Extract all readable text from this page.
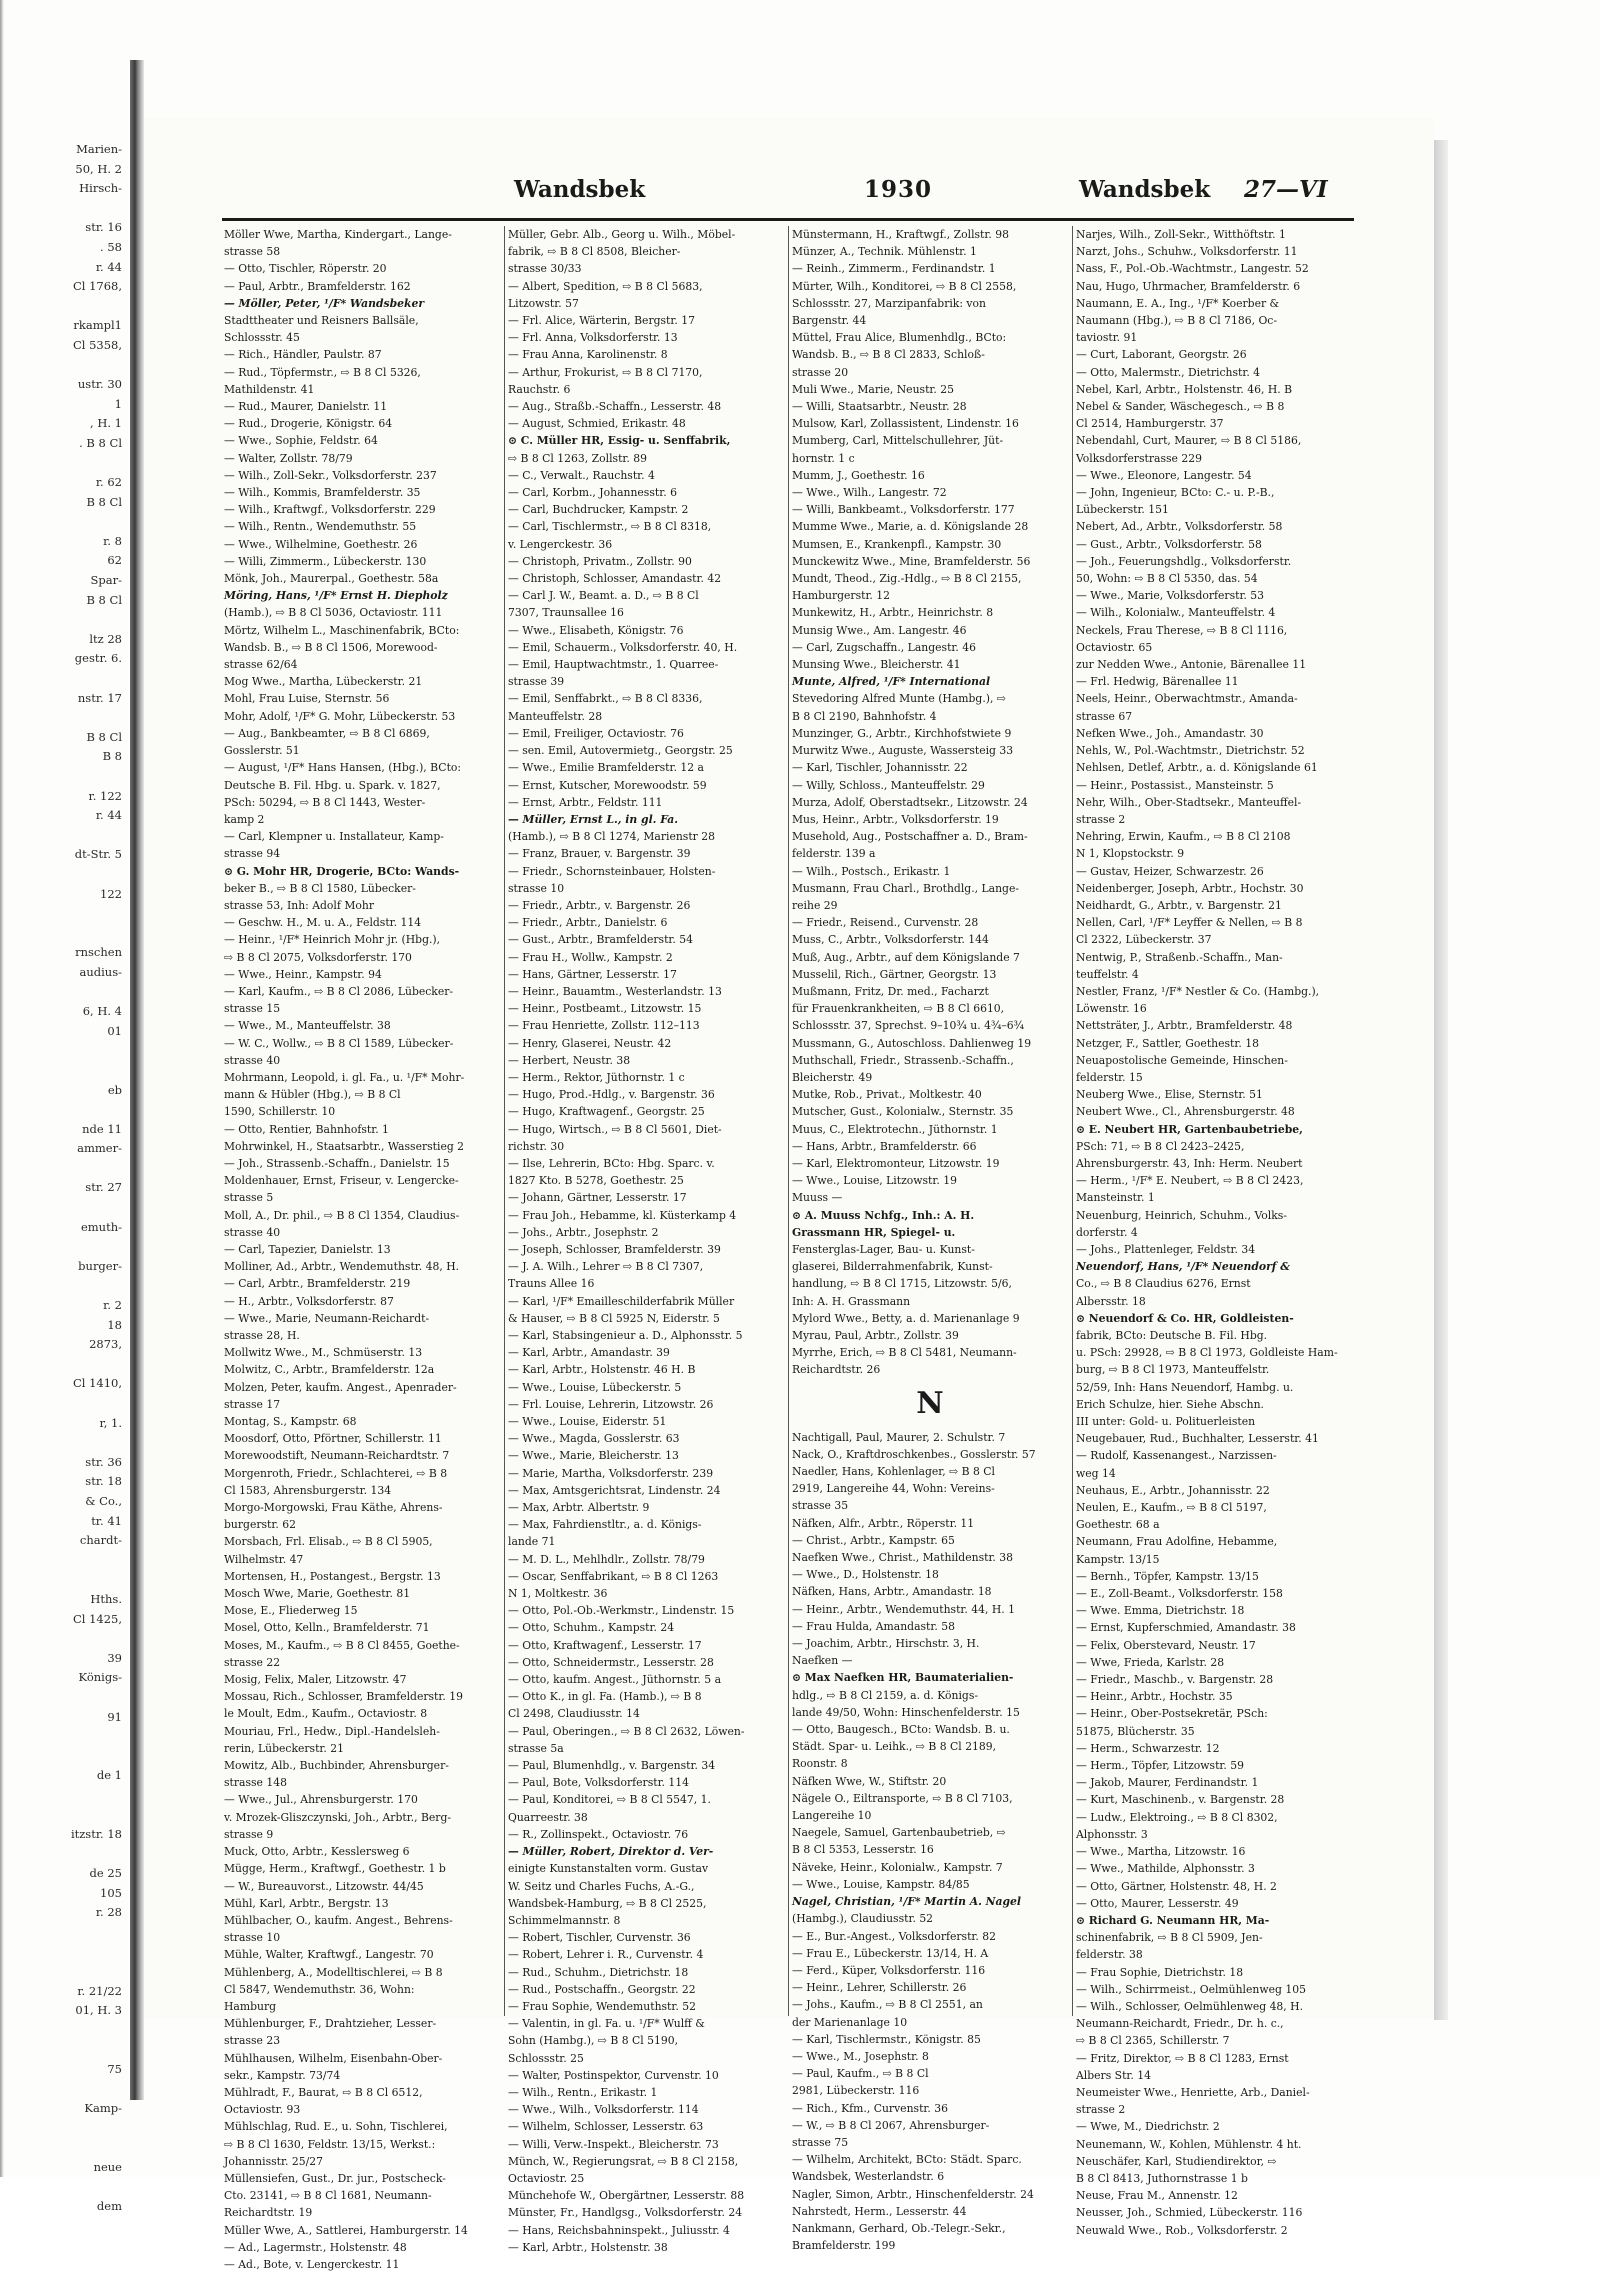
Marien-
50, H. 2
Hirsch-

str. 16
. 58
r. 44
Cl 1768,

rkampl1
Cl 5358,

ustr. 30
1
, H. 1
. B 8 Cl

r. 62
B 8 Cl

r. 8
62
Spar-
B 8 Cl

ltz 28
gestr. 6.

nstr. 17

B 8 Cl
B 8

r. 122
r. 44

dt-Str. 5

122

rnschen
audius-

6, H. 4
01

eb

nde 11
ammer-

str. 27

emuth-

burger-

r. 2
18
2873,

Cl 1410,

r, 1.

str. 36
str. 18
& Co.,
tr. 41
chardt-

Hths.
Cl 1425,

39
Königs-

91

de 1

itzstr. 18

de 25
105
r. 28

r. 21/22
01, H. 3

75

Kamp-

neue

dem
Wandsbek	1930	Wandsbek 27—VI
Möller Wwe, Martha, Kindergart., Lange-
strasse 58
— Otto, Tischler, Röperstr. 20
— Paul, Arbtr., Bramfelderstr. 162
— Möller, Peter, ¹/F* Wandsbeker
Stadttheater und Reisners Ballsäle,
Schlossstr. 45
— Rich., Händler, Paulstr. 87
— Rud., Töpfermstr., ⇨ B 8 Cl 5326,
Mathildenstr. 41
— Rud., Maurer, Danielstr. 11
— Rud., Drogerie, Königstr. 64
— Wwe., Sophie, Feldstr. 64
— Walter, Zollstr. 78/79
— Wilh., Zoll-Sekr., Volksdorferstr. 237
— Wilh., Kommis, Bramfelderstr. 35
— Wilh., Kraftwgf., Volksdorferstr. 229
— Wilh., Rentn., Wendemuthstr. 55
— Wwe., Wilhelmine, Goethestr. 26
— Willi, Zimmerm., Lübeckerstr. 130
Mönk, Joh., Maurerpal., Goethestr. 58a
Möring, Hans, ¹/F* Ernst H. Diepholz
(Hamb.), ⇨ B 8 Cl 5036, Octaviostr. 111
Mörtz, Wilhelm L., Maschinenfabrik, BCto:
Wandsb. B., ⇨ B 8 Cl 1506, Morewood-
strasse 62/64
Mog Wwe., Martha, Lübeckerstr. 21
Mohl, Frau Luise, Sternstr. 56
Mohr, Adolf, ¹/F* G. Mohr, Lübeckerstr. 53
— Aug., Bankbeamter, ⇨ B 8 Cl 6869,
Gosslerstr. 51
— August, ¹/F* Hans Hansen, (Hbg.), BCto:
Deutsche B. Fil. Hbg. u. Spark. v. 1827,
PSch: 50294, ⇨ B 8 Cl 1443, Wester-
kamp 2
— Carl, Klempner u. Installateur, Kamp-
strasse 94
⊙ G. Mohr HR, Drogerie, BCto: Wands-
beker B., ⇨ B 8 Cl 1580, Lübecker-
strasse 53, Inh: Adolf Mohr
— Geschw. H., M. u. A., Feldstr. 114
— Heinr., ¹/F* Heinrich Mohr jr. (Hbg.),
⇨ B 8 Cl 2075, Volksdorferstr. 170
— Wwe., Heinr., Kampstr. 94
— Karl, Kaufm., ⇨ B 8 Cl 2086, Lübecker-
strasse 15
— Wwe., M., Manteuffelstr. 38
— W. C., Wollw., ⇨ B 8 Cl 1589, Lübecker-
strasse 40
Mohrmann, Leopold, i. gl. Fa., u. ¹/F* Mohr-
mann & Hübler (Hbg.), ⇨ B 8 Cl
1590, Schillerstr. 10
— Otto, Rentier, Bahnhofstr. 1
Mohrwinkel, H., Staatsarbtr., Wasserstieg 2
— Joh., Strassenb.-Schaffn., Danielstr. 15
Moldenhauer, Ernst, Friseur, v. Lengercke-
strasse 5
Moll, A., Dr. phil., ⇨ B 8 Cl 1354, Claudius-
strasse 40
— Carl, Tapezier, Danielstr. 13
Molliner, Ad., Arbtr., Wendemuthstr. 48, H.
— Carl, Arbtr., Bramfelderstr. 219
— H., Arbtr., Volksdorferstr. 87
— Wwe., Marie, Neumann-Reichardt-
strasse 28, H.
Mollwitz Wwe., M., Schmüserstr. 13
Molwitz, C., Arbtr., Bramfelderstr. 12a
Molzen, Peter, kaufm. Angest., Apenrader-
strasse 17
Montag, S., Kampstr. 68
Moosdorf, Otto, Pförtner, Schillerstr. 11
Morewoodstift, Neumann-Reichardtstr. 7
Morgenroth, Friedr., Schlachterei, ⇨ B 8
Cl 1583, Ahrensburgerstr. 134
Morgo-Morgowski, Frau Käthe, Ahrens-
burgerstr. 62
Morsbach, Frl. Elisab., ⇨ B 8 Cl 5905,
Wilhelmstr. 47
Mortensen, H., Postangest., Bergstr. 13
Mosch Wwe, Marie, Goethestr. 81
Mose, E., Fliederweg 15
Mosel, Otto, Kelln., Bramfelderstr. 71
Moses, M., Kaufm., ⇨ B 8 Cl 8455, Goethe-
strasse 22
Mosig, Felix, Maler, Litzowstr. 47
Mossau, Rich., Schlosser, Bramfelderstr. 19
le Moult, Edm., Kaufm., Octaviostr. 8
Mouriau, Frl., Hedw., Dipl.-Handelsleh-
rerin, Lübeckerstr. 21
Mowitz, Alb., Buchbinder, Ahrensburger-
strasse 148
— Wwe., Jul., Ahrensburgerstr. 170
v. Mrozek-Gliszczynski, Joh., Arbtr., Berg-
strasse 9
Muck, Otto, Arbtr., Kesslersweg 6
Mügge, Herm., Kraftwgf., Goethestr. 1 b
— W., Bureauvorst., Litzowstr. 44/45
Mühl, Karl, Arbtr., Bergstr. 13
Mühlbacher, O., kaufm. Angest., Behrens-
strasse 10
Mühle, Walter, Kraftwgf., Langestr. 70
Mühlenberg, A., Modelltischlerei, ⇨ B 8
Cl 5847, Wendemuthstr. 36, Wohn:
Hamburg
Mühlenburger, F., Drahtzieher, Lesser-
strasse 23
Mühlhausen, Wilhelm, Eisenbahn-Ober-
sekr., Kampstr. 73/74
Mühlradt, F., Baurat, ⇨ B 8 Cl 6512,
Octaviostr. 93
Mühlschlag, Rud. E., u. Sohn, Tischlerei,
⇨ B 8 Cl 1630, Feldstr. 13/15, Werkst.:
Johannisstr. 25/27
Müllensiefen, Gust., Dr. jur., Postscheck-
Cto. 23141, ⇨ B 8 Cl 1681, Neumann-
Reichardtstr. 19
Müller Wwe, A., Sattlerei, Hamburgerstr. 14
— Ad., Lagermstr., Holstenstr. 48
— Ad., Bote, v. Lengerckestr. 11
Müller, Gebr. Alb., Georg u. Wilh., Möbel-
fabrik, ⇨ B 8 Cl 8508, Bleicher-
strasse 30/33
— Albert, Spedition, ⇨ B 8 Cl 5683,
Litzowstr. 57
— Frl. Alice, Wärterin, Bergstr. 17
— Frl. Anna, Volksdorferstr. 13
— Frau Anna, Karolinenstr. 8
— Arthur, Frokurist, ⇨ B 8 Cl 7170,
Rauchstr. 6
— Aug., Straßb.-Schaffn., Lesserstr. 48
— August, Schmied, Erikastr. 48
⊙ C. Müller HR, Essig- u. Senffabrik,
⇨ B 8 Cl 1263, Zollstr. 89
— C., Verwalt., Rauchstr. 4
— Carl, Korbm., Johannesstr. 6
— Carl, Buchdrucker, Kampstr. 2
— Carl, Tischlermstr., ⇨ B 8 Cl 8318,
v. Lengerckestr. 36
— Christoph, Privatm., Zollstr. 90
— Christoph, Schlosser, Amandastr. 42
— Carl J. W., Beamt. a. D., ⇨ B 8 Cl
7307, Traunsallee 16
— Wwe., Elisabeth, Königstr. 76
— Emil, Schauerm., Volksdorferstr. 40, H.
— Emil, Hauptwachtmstr., 1. Quarree-
strasse 39
— Emil, Senffabrkt., ⇨ B 8 Cl 8336,
Manteuffelstr. 28
— Emil, Freiliger, Octaviostr. 76
— sen. Emil, Autovermietg., Georgstr. 25
— Wwe., Emilie Bramfelderstr. 12 a
— Ernst, Kutscher, Morewoodstr. 59
— Ernst, Arbtr., Feldstr. 111
— Müller, Ernst L., in gl. Fa.
(Hamb.), ⇨ B 8 Cl 1274, Marienstr 28
— Franz, Brauer, v. Bargenstr. 39
— Friedr., Schornsteinbauer, Holsten-
strasse 10
— Friedr., Arbtr., v. Bargenstr. 26
— Friedr., Arbtr., Danielstr. 6
— Gust., Arbtr., Bramfelderstr. 54
— Frau H., Wollw., Kampstr. 2
— Hans, Gärtner, Lesserstr. 17
— Heinr., Bauamtm., Westerlandstr. 13
— Heinr., Postbeamt., Litzowstr. 15
— Frau Henriette, Zollstr. 112–113
— Henry, Glaserei, Neustr. 42
— Herbert, Neustr. 38
— Herm., Rektor, Jüthornstr. 1 c
— Hugo, Prod.-Hdlg., v. Bargenstr. 36
— Hugo, Kraftwagenf., Georgstr. 25
— Hugo, Wirtsch., ⇨ B 8 Cl 5601, Diet-
richstr. 30
— Ilse, Lehrerin, BCto: Hbg. Sparc. v.
1827 Kto. B 5278, Goethestr. 25
— Johann, Gärtner, Lesserstr. 17
— Frau Joh., Hebamme, kl. Küsterkamp 4
— Johs., Arbtr., Josephstr. 2
— Joseph, Schlosser, Bramfelderstr. 39
— J. A. Wilh., Lehrer ⇨ B 8 Cl 7307,
Trauns Allee 16
— Karl, ¹/F* Emailleschilderfabrik Müller
& Hauser, ⇨ B 8 Cl 5925 N, Eiderstr. 5
— Karl, Stabsingenieur a. D., Alphonsstr. 5
— Karl, Arbtr., Amandastr. 39
— Karl, Arbtr., Holstenstr. 46 H. B
— Wwe., Louise, Lübeckerstr. 5
— Frl. Louise, Lehrerin, Litzowstr. 26
— Wwe., Louise, Eiderstr. 51
— Wwe., Magda, Gosslerstr. 63
— Wwe., Marie, Bleicherstr. 13
— Marie, Martha, Volksdorferstr. 239
— Max, Amtsgerichtsrat, Lindenstr. 24
— Max, Arbtr. Albertstr. 9
— Max, Fahrdienstltr., a. d. Königs-
lande 71
— M. D. L., Mehlhdlr., Zollstr. 78/79
— Oscar, Senffabrikant, ⇨ B 8 Cl 1263
N 1, Moltkestr. 36
— Otto, Pol.-Ob.-Werkmstr., Lindenstr. 15
— Otto, Schuhm., Kampstr. 24
— Otto, Kraftwagenf., Lesserstr. 17
— Otto, Schneidermstr., Lesserstr. 28
— Otto, kaufm. Angest., Jüthornstr. 5 a
— Otto K., in gl. Fa. (Hamb.), ⇨ B 8
Cl 2498, Claudiusstr. 14
— Paul, Oberingen., ⇨ B 8 Cl 2632, Löwen-
strasse 5a
— Paul, Blumenhdlg., v. Bargenstr. 34
— Paul, Bote, Volksdorferstr. 114
— Paul, Konditorei, ⇨ B 8 Cl 5547, 1.
Quarreestr. 38
— R., Zollinspekt., Octaviostr. 76
— Müller, Robert, Direktor d. Ver-
einigte Kunstanstalten vorm. Gustav
W. Seitz und Charles Fuchs, A.-G.,
Wandsbek-Hamburg, ⇨ B 8 Cl 2525,
Schimmelmannstr. 8
— Robert, Tischler, Curvenstr. 36
— Robert, Lehrer i. R., Curvenstr. 4
— Rud., Schuhm., Dietrichstr. 18
— Rud., Postschaffn., Georgstr. 22
— Frau Sophie, Wendemuthstr. 52
— Valentin, in gl. Fa. u. ¹/F* Wulff &
Sohn (Hambg.), ⇨ B 8 Cl 5190,
Schlossstr. 25
— Walter, Postinspektor, Curvenstr. 10
— Wilh., Rentn., Erikastr. 1
— Wwe., Wilh., Volksdorferstr. 114
— Wilhelm, Schlosser, Lesserstr. 63
— Willi, Verw.-Inspekt., Bleicherstr. 73
Münch, W., Regierungsrat, ⇨ B 8 Cl 2158,
Octaviostr. 25
Münchehofe W., Obergärtner, Lesserstr. 88
Münster, Fr., Handlgsg., Volksdorferstr. 24
— Hans, Reichsbahninspekt., Juliusstr. 4
— Karl, Arbtr., Holstenstr. 38
Münstermann, H., Kraftwgf., Zollstr. 98
Münzer, A., Technik. Mühlenstr. 1
— Reinh., Zimmerm., Ferdinandstr. 1
Mürter, Wilh., Konditorei, ⇨ B 8 Cl 2558,
Schlossstr. 27, Marzipanfabrik: von
Bargenstr. 44
Müttel, Frau Alice, Blumenhdlg., BCto:
Wandsb. B., ⇨ B 8 Cl 2833, Schloß-
strasse 20
Muli Wwe., Marie, Neustr. 25
— Willi, Staatsarbtr., Neustr. 28
Mulsow, Karl, Zollassistent, Lindenstr. 16
Mumberg, Carl, Mittelschullehrer, Jüt-
hornstr. 1 c
Mumm, J., Goethestr. 16
— Wwe., Wilh., Langestr. 72
— Willi, Bankbeamt., Volksdorferstr. 177
Mumme Wwe., Marie, a. d. Königslande 28
Mumsen, E., Krankenpfl., Kampstr. 30
Munckewitz Wwe., Mine, Bramfelderstr. 56
Mundt, Theod., Zig.-Hdlg., ⇨ B 8 Cl 2155,
Hamburgerstr. 12
Munkewitz, H., Arbtr., Heinrichstr. 8
Munsig Wwe., Am. Langestr. 46
— Carl, Zugschaffn., Langestr. 46
Munsing Wwe., Bleicherstr. 41
Munte, Alfred, ¹/F* International
Stevedoring Alfred Munte (Hambg.), ⇨
B 8 Cl 2190, Bahnhofstr. 4
Munzinger, G., Arbtr., Kirchhofstwiete 9
Murwitz Wwe., Auguste, Wassersteig 33
— Karl, Tischler, Johannisstr. 22
— Willy, Schloss., Manteuffelstr. 29
Murza, Adolf, Oberstadtsekr., Litzowstr. 24
Mus, Heinr., Arbtr., Volksdorferstr. 19
Musehold, Aug., Postschaffner a. D., Bram-
felderstr. 139 a
— Wilh., Postsch., Erikastr. 1
Musmann, Frau Charl., Brothdlg., Lange-
reihe 29
— Friedr., Reisend., Curvenstr. 28
Muss, C., Arbtr., Volksdorferstr. 144
Muß, Aug., Arbtr., auf dem Königslande 7
Musselil, Rich., Gärtner, Georgstr. 13
Mußmann, Fritz, Dr. med., Facharzt
für Frauenkrankheiten, ⇨ B 8 Cl 6610,
Schlossstr. 37, Sprechst. 9–10¾ u. 4¾–6¾
Mussmann, G., Autoschloss. Dahlienweg 19
Muthschall, Friedr., Strassenb.-Schaffn.,
Bleicherstr. 49
Mutke, Rob., Privat., Moltkestr. 40
Mutscher, Gust., Kolonialw., Sternstr. 35
Muus, C., Elektrotechn., Jüthornstr. 1
— Hans, Arbtr., Bramfelderstr. 66
— Karl, Elektromonteur, Litzowstr. 19
— Wwe., Louise, Litzowstr. 19
Muuss —
⊙ A. Muuss Nchfg., Inh.: A. H.
Grassmann HR, Spiegel- u.
Fensterglas-Lager, Bau- u. Kunst-
glaserei, Bilderrahmenfabrik, Kunst-
handlung, ⇨ B 8 Cl 1715, Litzowstr. 5/6,
Inh: A. H. Grassmann
Mylord Wwe., Betty, a. d. Marienanlage 9
Myrau, Paul, Arbtr., Zollstr. 39
Myrrhe, Erich, ⇨ B 8 Cl 5481, Neumann-
Reichardtstr. 26
N
Nachtigall, Paul, Maurer, 2. Schulstr. 7
Nack, O., Kraftdroschkenbes., Gosslerstr. 57
Naedler, Hans, Kohlenlager, ⇨ B 8 Cl
2919, Langereihe 44, Wohn: Vereins-
strasse 35
Näfken, Alfr., Arbtr., Röperstr. 11
— Christ., Arbtr., Kampstr. 65
Naefken Wwe., Christ., Mathildenstr. 38
— Wwe., D., Holstenstr. 18
Näfken, Hans, Arbtr., Amandastr. 18
— Heinr., Arbtr., Wendemuthstr. 44, H. 1
— Frau Hulda, Amandastr. 58
— Joachim, Arbtr., Hirschstr. 3, H.
Naefken —
⊙ Max Naefken HR, Baumaterialien-
hdlg., ⇨ B 8 Cl 2159, a. d. Königs-
lande 49/50, Wohn: Hinschenfelderstr. 15
— Otto, Baugesch., BCto: Wandsb. B. u.
Städt. Spar- u. Leihk., ⇨ B 8 Cl 2189,
Roonstr. 8
Näfken Wwe, W., Stiftstr. 20
Nägele O., Eiltransporte, ⇨ B 8 Cl 7103,
Langereihe 10
Naegele, Samuel, Gartenbaubetrieb, ⇨
B 8 Cl 5353, Lesserstr. 16
Näveke, Heinr., Kolonialw., Kampstr. 7
— Wwe., Louise, Kampstr. 84/85
Nagel, Christian, ¹/F* Martin A. Nagel
(Hambg.), Claudiusstr. 52
— E., Bur.-Angest., Volksdorferstr. 82
— Frau E., Lübeckerstr. 13/14, H. A
— Ferd., Küper, Volksdorferstr. 116
— Heinr., Lehrer, Schillerstr. 26
— Johs., Kaufm., ⇨ B 8 Cl 2551, an
der Marienanlage 10
— Karl, Tischlermstr., Königstr. 85
— Wwe., M., Josephstr. 8
— Paul, Kaufm., ⇨ B 8 Cl
2981, Lübeckerstr. 116
— Rich., Kfm., Curvenstr. 36
— W., ⇨ B 8 Cl 2067, Ahrensburger-
strasse 75
— Wilhelm, Architekt, BCto: Städt. Sparc.
Wandsbek, Westerlandstr. 6
Nagler, Simon, Arbtr., Hinschenfelderstr. 24
Nahrstedt, Herm., Lesserstr. 44
Nankmann, Gerhard, Ob.-Telegr.-Sekr.,
Bramfelderstr. 199
Narjes, Wilh., Zoll-Sekr., Witthöftstr. 1
Narzt, Johs., Schuhw., Volksdorferstr. 11
Nass, F., Pol.-Ob.-Wachtmstr., Langestr. 52
Nau, Hugo, Uhrmacher, Bramfelderstr. 6
Naumann, E. A., Ing., ¹/F* Koerber &
Naumann (Hbg.), ⇨ B 8 Cl 7186, Oc-
taviostr. 91
— Curt, Laborant, Georgstr. 26
— Otto, Malermstr., Dietrichstr. 4
Nebel, Karl, Arbtr., Holstenstr. 46, H. B
Nebel & Sander, Wäschegesch., ⇨ B 8
Cl 2514, Hamburgerstr. 37
Nebendahl, Curt, Maurer, ⇨ B 8 Cl 5186,
Volksdorferstrasse 229
— Wwe., Eleonore, Langestr. 54
— John, Ingenieur, BCto: C.- u. P.-B.,
Lübeckerstr. 151
Nebert, Ad., Arbtr., Volksdorferstr. 58
— Gust., Arbtr., Volksdorferstr. 58
— Joh., Feuerungshdlg., Volksdorferstr.
50, Wohn: ⇨ B 8 Cl 5350, das. 54
— Wwe., Marie, Volksdorferstr. 53
— Wilh., Kolonialw., Manteuffelstr. 4
Neckels, Frau Therese, ⇨ B 8 Cl 1116,
Octaviostr. 65
zur Nedden Wwe., Antonie, Bärenallee 11
— Frl. Hedwig, Bärenallee 11
Neels, Heinr., Oberwachtmstr., Amanda-
strasse 67
Nefken Wwe., Joh., Amandastr. 30
Nehls, W., Pol.-Wachtmstr., Dietrichstr. 52
Nehlsen, Detlef, Arbtr., a. d. Königslande 61
— Heinr., Postassist., Mansteinstr. 5
Nehr, Wilh., Ober-Stadtsekr., Manteuffel-
strasse 2
Nehring, Erwin, Kaufm., ⇨ B 8 Cl 2108
N 1, Klopstockstr. 9
— Gustav, Heizer, Schwarzestr. 26
Neidenberger, Joseph, Arbtr., Hochstr. 30
Neidhardt, G., Arbtr., v. Bargenstr. 21
Nellen, Carl, ¹/F* Leyffer & Nellen, ⇨ B 8
Cl 2322, Lübeckerstr. 37
Nentwig, P., Straßenb.-Schaffn., Man-
teuffelstr. 4
Nestler, Franz, ¹/F* Nestler & Co. (Hambg.),
Löwenstr. 16
Nettsträter, J., Arbtr., Bramfelderstr. 48
Netzger, F., Sattler, Goethestr. 18
Neuapostolische Gemeinde, Hinschen-
felderstr. 15
Neuberg Wwe., Elise, Sternstr. 51
Neubert Wwe., Cl., Ahrensburgerstr. 48
⊙ E. Neubert HR, Gartenbaubetriebe,
PSch: 71, ⇨ B 8 Cl 2423–2425,
Ahrensburgerstr. 43, Inh: Herm. Neubert
— Herm., ¹/F* E. Neubert, ⇨ B 8 Cl 2423,
Mansteinstr. 1
Neuenburg, Heinrich, Schuhm., Volks-
dorferstr. 4
— Johs., Plattenleger, Feldstr. 34
Neuendorf, Hans, ¹/F* Neuendorf &
Co., ⇨ B 8 Claudius 6276, Ernst
Albersstr. 18
⊙ Neuendorf & Co. HR, Goldleisten-
fabrik, BCto: Deutsche B. Fil. Hbg.
u. PSch: 29928, ⇨ B 8 Cl 1973, Goldleiste Ham-
burg, ⇨ B 8 Cl 1973, Manteuffelstr.
52/59, Inh: Hans Neuendorf, Hambg. u.
Erich Schulze, hier. Siehe Abschn.
III unter: Gold- u. Polituerleisten
Neugebauer, Rud., Buchhalter, Lesserstr. 41
— Rudolf, Kassenangest., Narzissen-
weg 14
Neuhaus, E., Arbtr., Johannisstr. 22
Neulen, E., Kaufm., ⇨ B 8 Cl 5197,
Goethestr. 68 a
Neumann, Frau Adolfine, Hebamme,
Kampstr. 13/15
— Bernh., Töpfer, Kampstr. 13/15
— E., Zoll-Beamt., Volksdorferstr. 158
— Wwe. Emma, Dietrichstr. 18
— Ernst, Kupferschmied, Amandastr. 38
— Felix, Oberstevard, Neustr. 17
— Wwe, Frieda, Karlstr. 28
— Friedr., Maschb., v. Bargenstr. 28
— Heinr., Arbtr., Hochstr. 35
— Heinr., Ober-Postsekretär, PSch:
51875, Blücherstr. 35
— Herm., Schwarzestr. 12
— Herm., Töpfer, Litzowstr. 59
— Jakob, Maurer, Ferdinandstr. 1
— Kurt, Maschinenb., v. Bargenstr. 28
— Ludw., Elektroing., ⇨ B 8 Cl 8302,
Alphonsstr. 3
— Wwe., Martha, Litzowstr. 16
— Wwe., Mathilde, Alphonsstr. 3
— Otto, Gärtner, Holstenstr. 48, H. 2
— Otto, Maurer, Lesserstr. 49
⊙ Richard G. Neumann HR, Ma-
schinenfabrik, ⇨ B 8 Cl 5909, Jen-
felderstr. 38
— Frau Sophie, Dietrichstr. 18
— Wilh., Schirrmeist., Oelmühlenweg 105
— Wilh., Schlosser, Oelmühlenweg 48, H.
Neumann-Reichardt, Friedr., Dr. h. c.,
⇨ B 8 Cl 2365, Schillerstr. 7
— Fritz, Direktor, ⇨ B 8 Cl 1283, Ernst
Albers Str. 14
Neumeister Wwe., Henriette, Arb., Daniel-
strasse 2
— Wwe, M., Diedrichstr. 2
Neunemann, W., Kohlen, Mühlenstr. 4 ht.
Neuschäfer, Karl, Studiendirektor, ⇨
B 8 Cl 8413, Juthornstrasse 1 b
Neuse, Frau M., Annenstr. 12
Neusser, Joh., Schmied, Lübeckerstr. 116
Neuwald Wwe., Rob., Volksdorferstr. 2
